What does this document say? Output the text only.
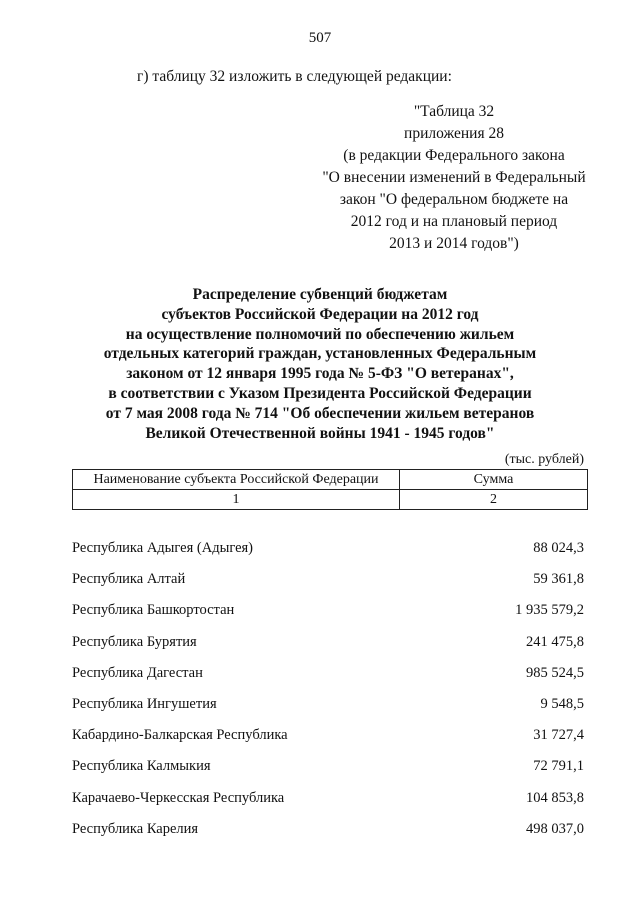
507
г) таблицу 32 изложить в следующей редакции:
"Таблица 32
приложения 28
(в редакции Федерального закона
"О внесении изменений в Федеральный
закон "О федеральном бюджете на
2012 год и на плановый период
2013 и 2014 годов")
Распределение субвенций бюджетам
субъектов Российской Федерации на 2012 год
на осуществление полномочий по обеспечению жильем
отдельных категорий граждан, установленных Федеральным
законом от 12 января 1995 года № 5-ФЗ "О ветеранах",
в соответствии с Указом Президента Российской Федерации
от 7 мая 2008 года № 714 "Об обеспечении жильем ветеранов
Великой Отечественной войны 1941 - 1945 годов"
(тыс. рублей)
Наименование субъекта Российской Федерации	Сумма
1	2
Республика Адыгея (Адыгея)	88 024,3
Республика Алтай	59 361,8
Республика Башкортостан	1 935 579,2
Республика Бурятия	241 475,8
Республика Дагестан	985 524,5
Республика Ингушетия	9 548,5
Кабардино-Балкарская Республика	31 727,4
Республика Калмыкия	72 791,1
Карачаево-Черкесская Республика	104 853,8
Республика Карелия	498 037,0
